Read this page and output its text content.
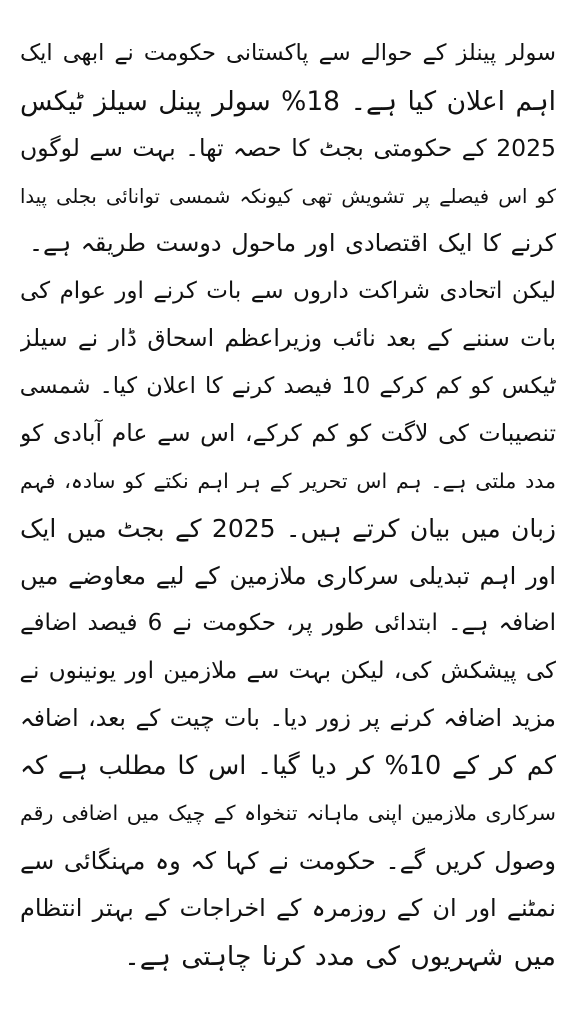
سولر پینلز کے حوالے سے پاکستانی حکومت نے ابھی ایک
اہم اعلان کیا ہے۔ 18% سولر پینل سیلز ٹیکس
2025 کے حکومتی بجٹ کا حصہ تھا۔ بہت سے لوگوں
کو اس فیصلے پر تشویش تھی کیونکہ شمسی توانائی بجلی پیدا
کرنے کا ایک اقتصادی اور ماحول دوست طریقہ ہے۔
لیکن اتحادی شراکت داروں سے بات کرنے اور عوام کی
بات سننے کے بعد نائب وزیراعظم اسحاق ڈار نے سیلز
ٹیکس کو کم کرکے 10 فیصد کرنے کا اعلان کیا۔ شمسی
تنصیبات کی لاگت کو کم کرکے، اس سے عام آبادی کو
مدد ملتی ہے۔ ہم اس تحریر کے ہر اہم نکتے کو سادہ، فہم
زبان میں بیان کرتے ہیں۔ 2025 کے بجٹ میں ایک
اور اہم تبدیلی سرکاری ملازمین کے لیے معاوضے میں
اضافہ ہے۔ ابتدائی طور پر، حکومت نے 6 فیصد اضافے
کی پیشکش کی، لیکن بہت سے ملازمین اور یونینوں نے
مزید اضافہ کرنے پر زور دیا۔ بات چیت کے بعد، اضافہ
کم کر کے 10% کر دیا گیا۔ اس کا مطلب ہے کہ
سرکاری ملازمین اپنی ماہانہ تنخواہ کے چیک میں اضافی رقم
وصول کریں گے۔ حکومت نے کہا کہ وہ مہنگائی سے
نمٹنے اور ان کے روزمرہ کے اخراجات کے بہتر انتظام
میں شہریوں کی مدد کرنا چاہتی ہے۔
